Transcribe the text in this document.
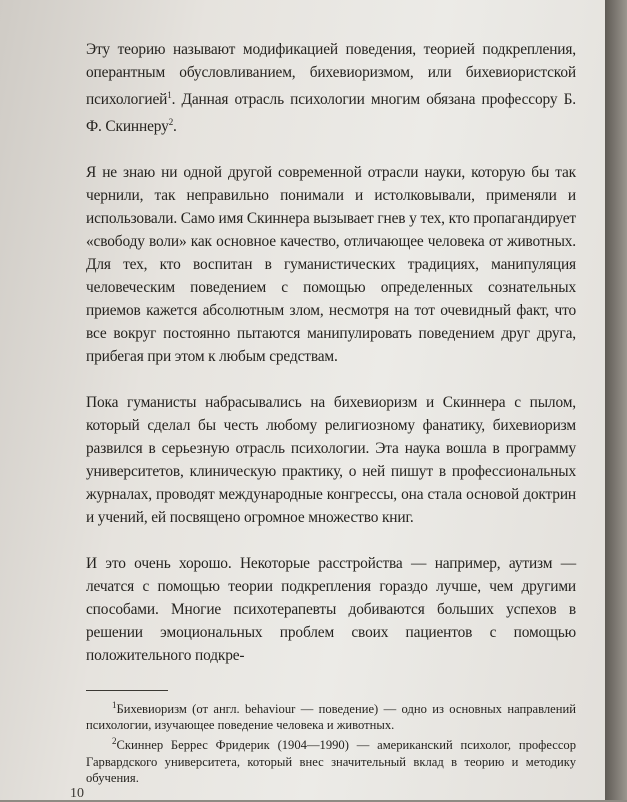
Эту теорию называют модификацией поведения, теорией подкрепления, оперантным обусловливанием, бихевиоризмом, или бихевиористской психологией$^1$. Данная отрасль психологии многим обязана профессору Б. Ф. Скиннеру$^2$.

Я не знаю ни одной другой современной отрасли науки, которую бы так чернили, так неправильно понимали и истолковывали, применяли и использовали. Само имя Скиннера вызывает гнев у тех, кто пропагандирует «свободу воли» как основное качество, отличающее человека от животных. Для тех, кто воспитан в гуманистических традициях, манипуляция человеческим поведением с помощью определенных сознательных приемов кажется абсолютным злом, несмотря на тот очевидный факт, что все вокруг постоянно пытаются манипулировать поведением друг друга, прибегая при этом к любым средствам.

Пока гуманисты набрасывались на бихевиоризм и Скиннера с пылом, который сделал бы честь любому религиозному фанатику, бихевиоризм развился в серьезную отрасль психологии. Эта наука вошла в программу университетов, клиническую практику, о ней пишут в профессиональных журналах, проводят международные конгрессы, она стала основой доктрин и учений, ей посвящено огромное множество книг.

И это очень хорошо. Некоторые расстройства — например, аутизм — лечатся с помощью теории подкрепления гораздо лучше, чем другими способами. Многие психотерапевты добиваются больших успехов в решении эмоциональных проблем своих пациентов с помощью положительного подкре-

$^1$Бихевиоризм (от англ. behaviour — поведение) — одно из основных направлений психологии, изучающее поведение человека и животных.

$^2$Скиннер Беррес Фридерик (1904—1990) — американский психолог, профессор Гарвардского университета, который внес значительный вклад в теорию и методику обучения.

10
